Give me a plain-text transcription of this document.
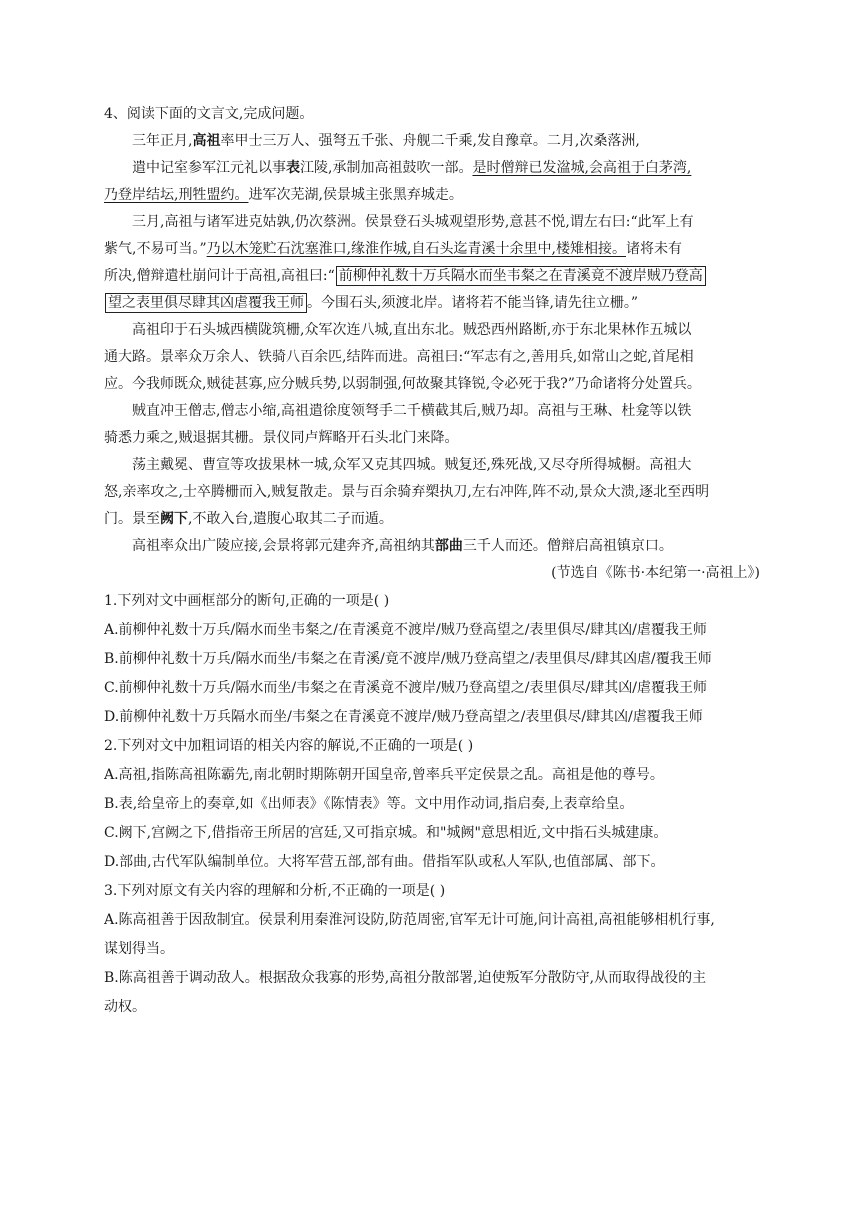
4、阅读下面的文言文,完成问题。
三年正月,高祖率甲士三万人、强弩五千张、舟舰二千乘,发自豫章。二月,次桑落洲,
遣中记室参军江元礼以事表江陵,承制加高祖鼓吹一部。是时僧辩已发湓城,会高祖于白茅湾,
乃登岸结坛,刑牲盟约。进军次芜湖,侯景城主张黑弃城走。
三月,高祖与诸军进克姑孰,仍次蔡洲。侯景登石头城观望形势,意甚不悦,谓左右曰:“此军上有
紫气,不易可当。”乃以木笼贮石沈塞淮口,缘淮作城,自石头迄青溪十余里中,楼雉相接。诸将未有
所决,僧辩遣杜崩问计于高祖,高祖曰:“ 前柳仲礼数十万兵隔水而坐韦粲之在青溪竟不渡岸贼乃登高
望之表里俱尽肆其凶虐覆我王师 。今围石头,须渡北岸。诸将若不能当锋,请先往立栅。”
高祖印于石头城西横陇筑栅,众军次连八城,直出东北。贼恐西州路断,亦于东北果林作五城以
通大路。景率众万余人、铁骑八百余匹,结阵而进。高祖曰:“军志有之,善用兵,如常山之蛇,首尾相
应。今我师既众,贼徒甚寡,应分贼兵势,以弱制强,何故聚其锋锐,令必死于我?”乃命诸将分处置兵。
贼直冲王僧志,僧志小缩,高祖遣徐度领弩手二千横截其后,贼乃却。高祖与王琳、杜龛等以铁
骑悉力乘之,贼退据其栅。景仪同卢辉略开石头北门来降。
荡主戴冕、曹宣等攻拔果林一城,众军又克其四城。贼复还,殊死战,又尽夺所得城橱。高祖大
怒,亲率攻之,士卒腾栅而入,贼复散走。景与百余骑弃槊执刀,左右冲阵,阵不动,景众大溃,逐北至西明
门。景至阙下,不敢入台,遣腹心取其二子而遁。
高祖率众出广陵应接,会景将郭元建奔齐,高祖纳其部曲三千人而还。僧辩启高祖镇京口。
(节选自《陈书·本纪第一·高祖上》)
1.下列对文中画框部分的断句,正确的一项是( )
A.前柳仲礼数十万兵/隔水而坐韦粲之/在青溪竟不渡岸/贼乃登高望之/表里俱尽/肆其凶/虐覆我王师
B.前柳仲礼数十万兵/隔水而坐/韦粲之在青溪/竟不渡岸/贼乃登高望之/表里俱尽/肆其凶虐/覆我王师
C.前柳仲礼数十万兵/隔水而坐/韦粲之在青溪竟不渡岸/贼乃登高望之/表里俱尽/肆其凶/虐覆我王师
D.前柳仲礼数十万兵隔水而坐/韦粲之在青溪竟不渡岸/贼乃登高望之/表里俱尽/肆其凶/虐覆我王师
2.下列对文中加粗词语的相关内容的解说,不正确的一项是( )
A.高祖,指陈高祖陈霸先,南北朝时期陈朝开国皇帝,曾率兵平定侯景之乱。高祖是他的尊号。
B.表,给皇帝上的奏章,如《出师表》《陈情表》等。文中用作动词,指启奏,上表章给皇。
C.阙下,宫阙之下,借指帝王所居的宫廷,又可指京城。和"城阙"意思相近,文中指石头城建康。
D.部曲,古代军队编制单位。大将军营五部,部有曲。借指军队或私人军队,也值部属、部下。
3.下列对原文有关内容的理解和分析,不正确的一项是( )
A.陈高祖善于因敌制宜。侯景利用秦淮河设防,防范周密,官军无计可施,问计高祖,高祖能够相机行事,
谋划得当。
B.陈高祖善于调动敌人。根据敌众我寡的形势,高祖分散部署,迫使叛军分散防守,从而取得战役的主
动权。
